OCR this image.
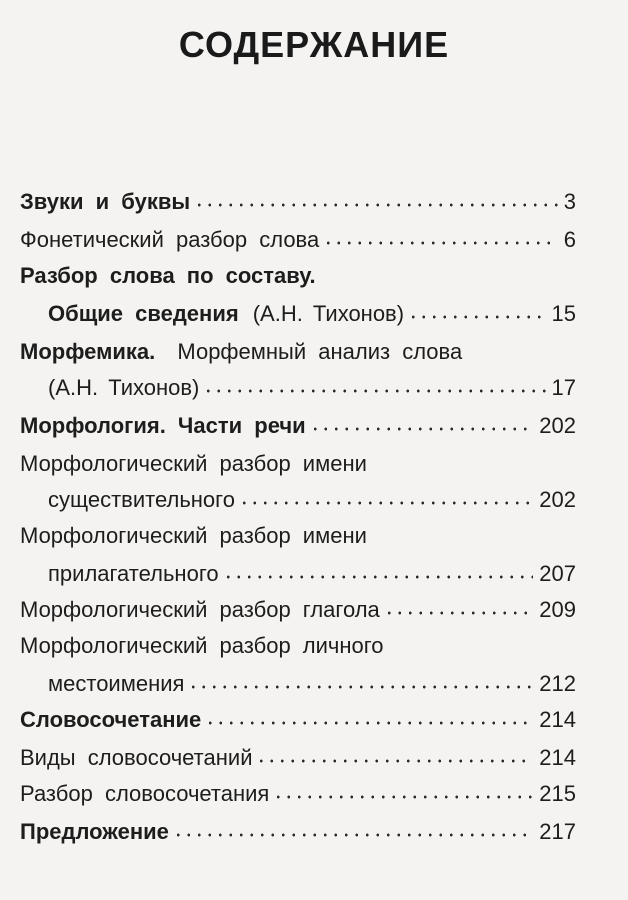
СОДЕРЖАНИЕ
Звуки и буквы	3
Фонетический разбор слова	6
Разбор слова по составу.
Общие сведения (А.Н. Тихонов)	15
Морфемика. Морфемный анализ слова
(А.Н. Тихонов)	17
Морфология. Части речи	202
Морфологический разбор имени
существительного	202
Морфологический разбор имени
прилагательного	207
Морфологический разбор глагола	209
Морфологический разбор личного
местоимения	212
Словосочетание	214
Виды словосочетаний	214
Разбор словосочетания	215
Предложение	217
